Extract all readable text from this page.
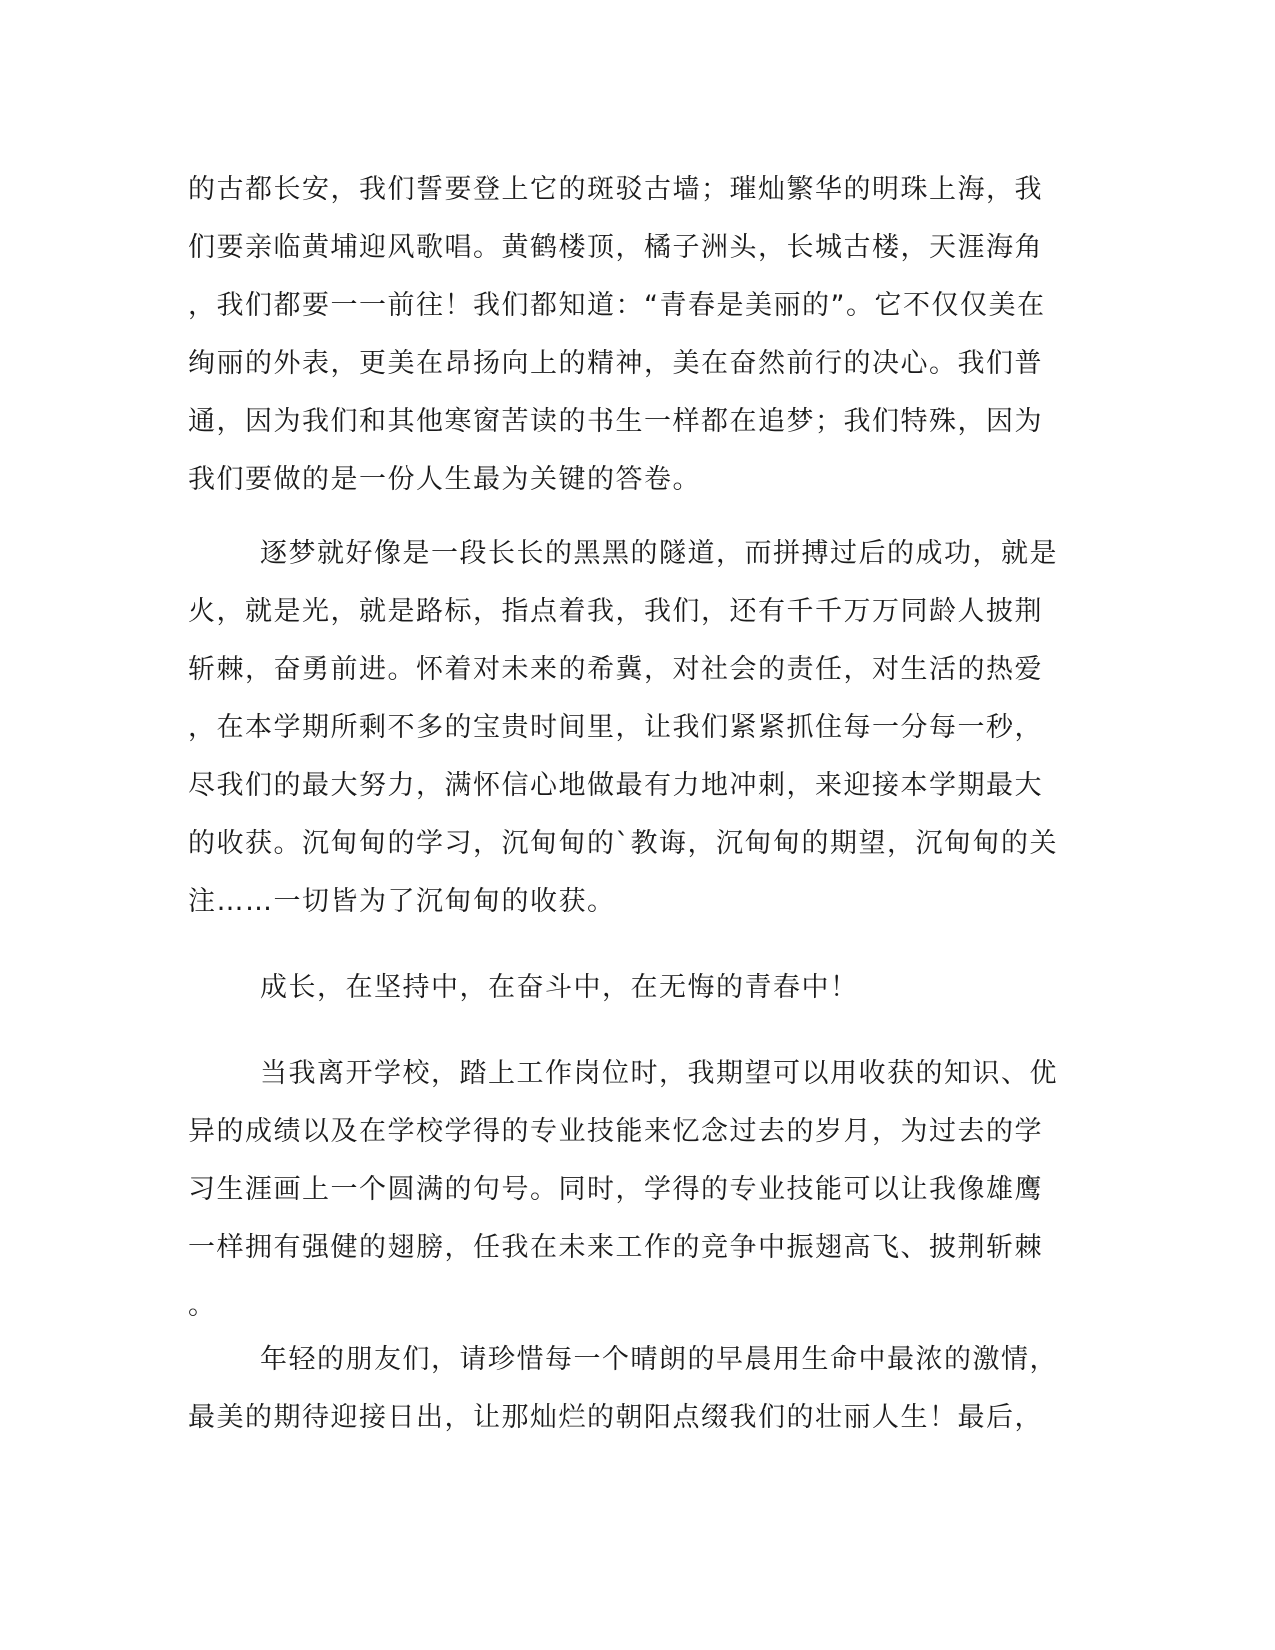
的古都长安，我们誓要登上它的斑驳古墙；璀灿繁华的明珠上海，我
们要亲临黄埔迎风歌唱。黄鹤楼顶，橘子洲头，长城古楼，天涯海角
，我们都要一一前往！我们都知道：“青春是美丽的”。它不仅仅美在
绚丽的外表，更美在昂扬向上的精神，美在奋然前行的决心。我们普
通，因为我们和其他寒窗苦读的书生一样都在追梦；我们特殊，因为
我们要做的是一份人生最为关键的答卷。
逐梦就好像是一段长长的黑黑的隧道，而拼搏过后的成功，就是
火，就是光，就是路标，指点着我，我们，还有千千万万同龄人披荆
斩棘，奋勇前进。怀着对未来的希冀，对社会的责任，对生活的热爱
，在本学期所剩不多的宝贵时间里，让我们紧紧抓住每一分每一秒，
尽我们的最大努力，满怀信心地做最有力地冲刺，来迎接本学期最大
的收获。沉甸甸的学习，沉甸甸的`教诲，沉甸甸的期望，沉甸甸的关
注……一切皆为了沉甸甸的收获。
成长，在坚持中，在奋斗中，在无悔的青春中！
当我离开学校，踏上工作岗位时，我期望可以用收获的知识、优
异的成绩以及在学校学得的专业技能来忆念过去的岁月，为过去的学
习生涯画上一个圆满的句号。同时，学得的专业技能可以让我像雄鹰
一样拥有强健的翅膀，任我在未来工作的竞争中振翅高飞、披荆斩棘
。
年轻的朋友们，请珍惜每一个晴朗的早晨用生命中最浓的激情，
最美的期待迎接日出，让那灿烂的朝阳点缀我们的壮丽人生！最后，
